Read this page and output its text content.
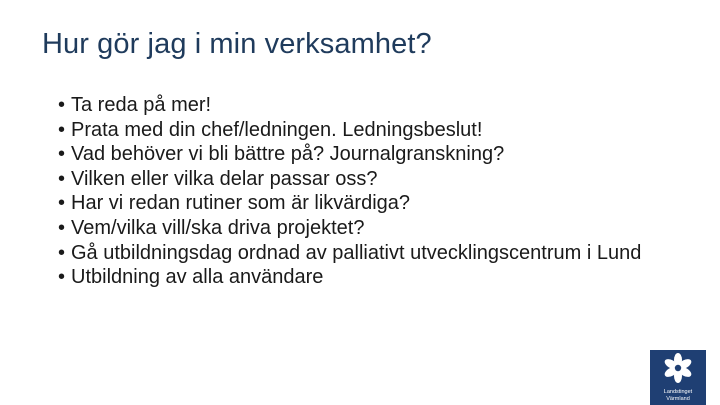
Hur gör jag i min verksamhet?
• Ta reda på mer!
• Prata med din chef/ledningen. Ledningsbeslut!
• Vad behöver vi bli bättre på? Journalgranskning?
• Vilken eller vilka delar passar oss?
• Har vi redan rutiner som är likvärdiga?
• Vem/vilka vill/ska driva projektet?
• Gå utbildningsdag ordnad av palliativt utvecklingscentrum i Lund
• Utbildning av alla användare
Landstinget
Värmland
